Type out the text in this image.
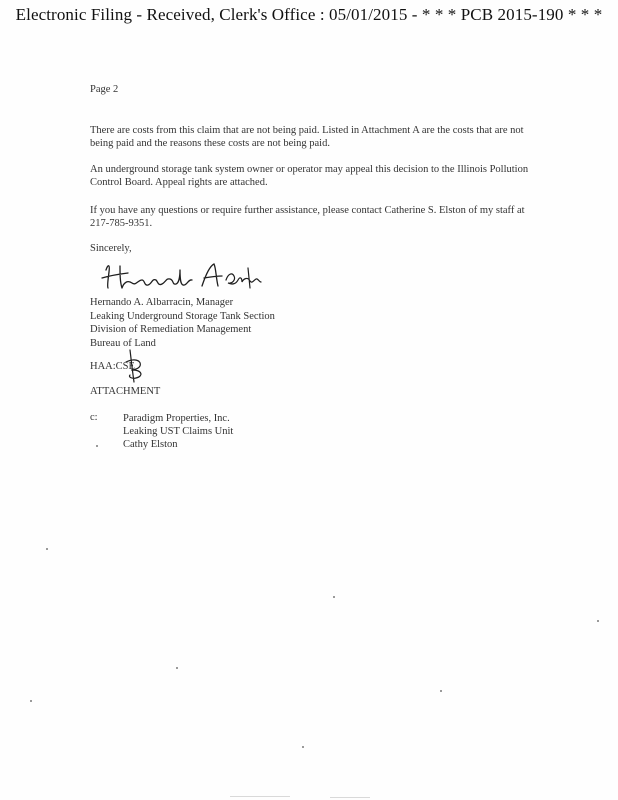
Electronic Filing - Received, Clerk's Office : 05/01/2015 - * * * PCB 2015-190 * * *
Page 2
There are costs from this claim that are not being paid. Listed in Attachment A are the costs that are not being paid and the reasons these costs are not being paid.
An underground storage tank system owner or operator may appeal this decision to the Illinois Pollution Control Board. Appeal rights are attached.
If you have any questions or require further assistance, please contact Catherine S. Elston of my staff at 217-785-9351.
Sincerely,
Hernando A. Albarracin, Manager
Leaking Underground Storage Tank Section
Division of Remediation Management
Bureau of Land
HAA:CSE
ATTACHMENT
c: Paradigm Properties, Inc.
Leaking UST Claims Unit
Cathy Elston
